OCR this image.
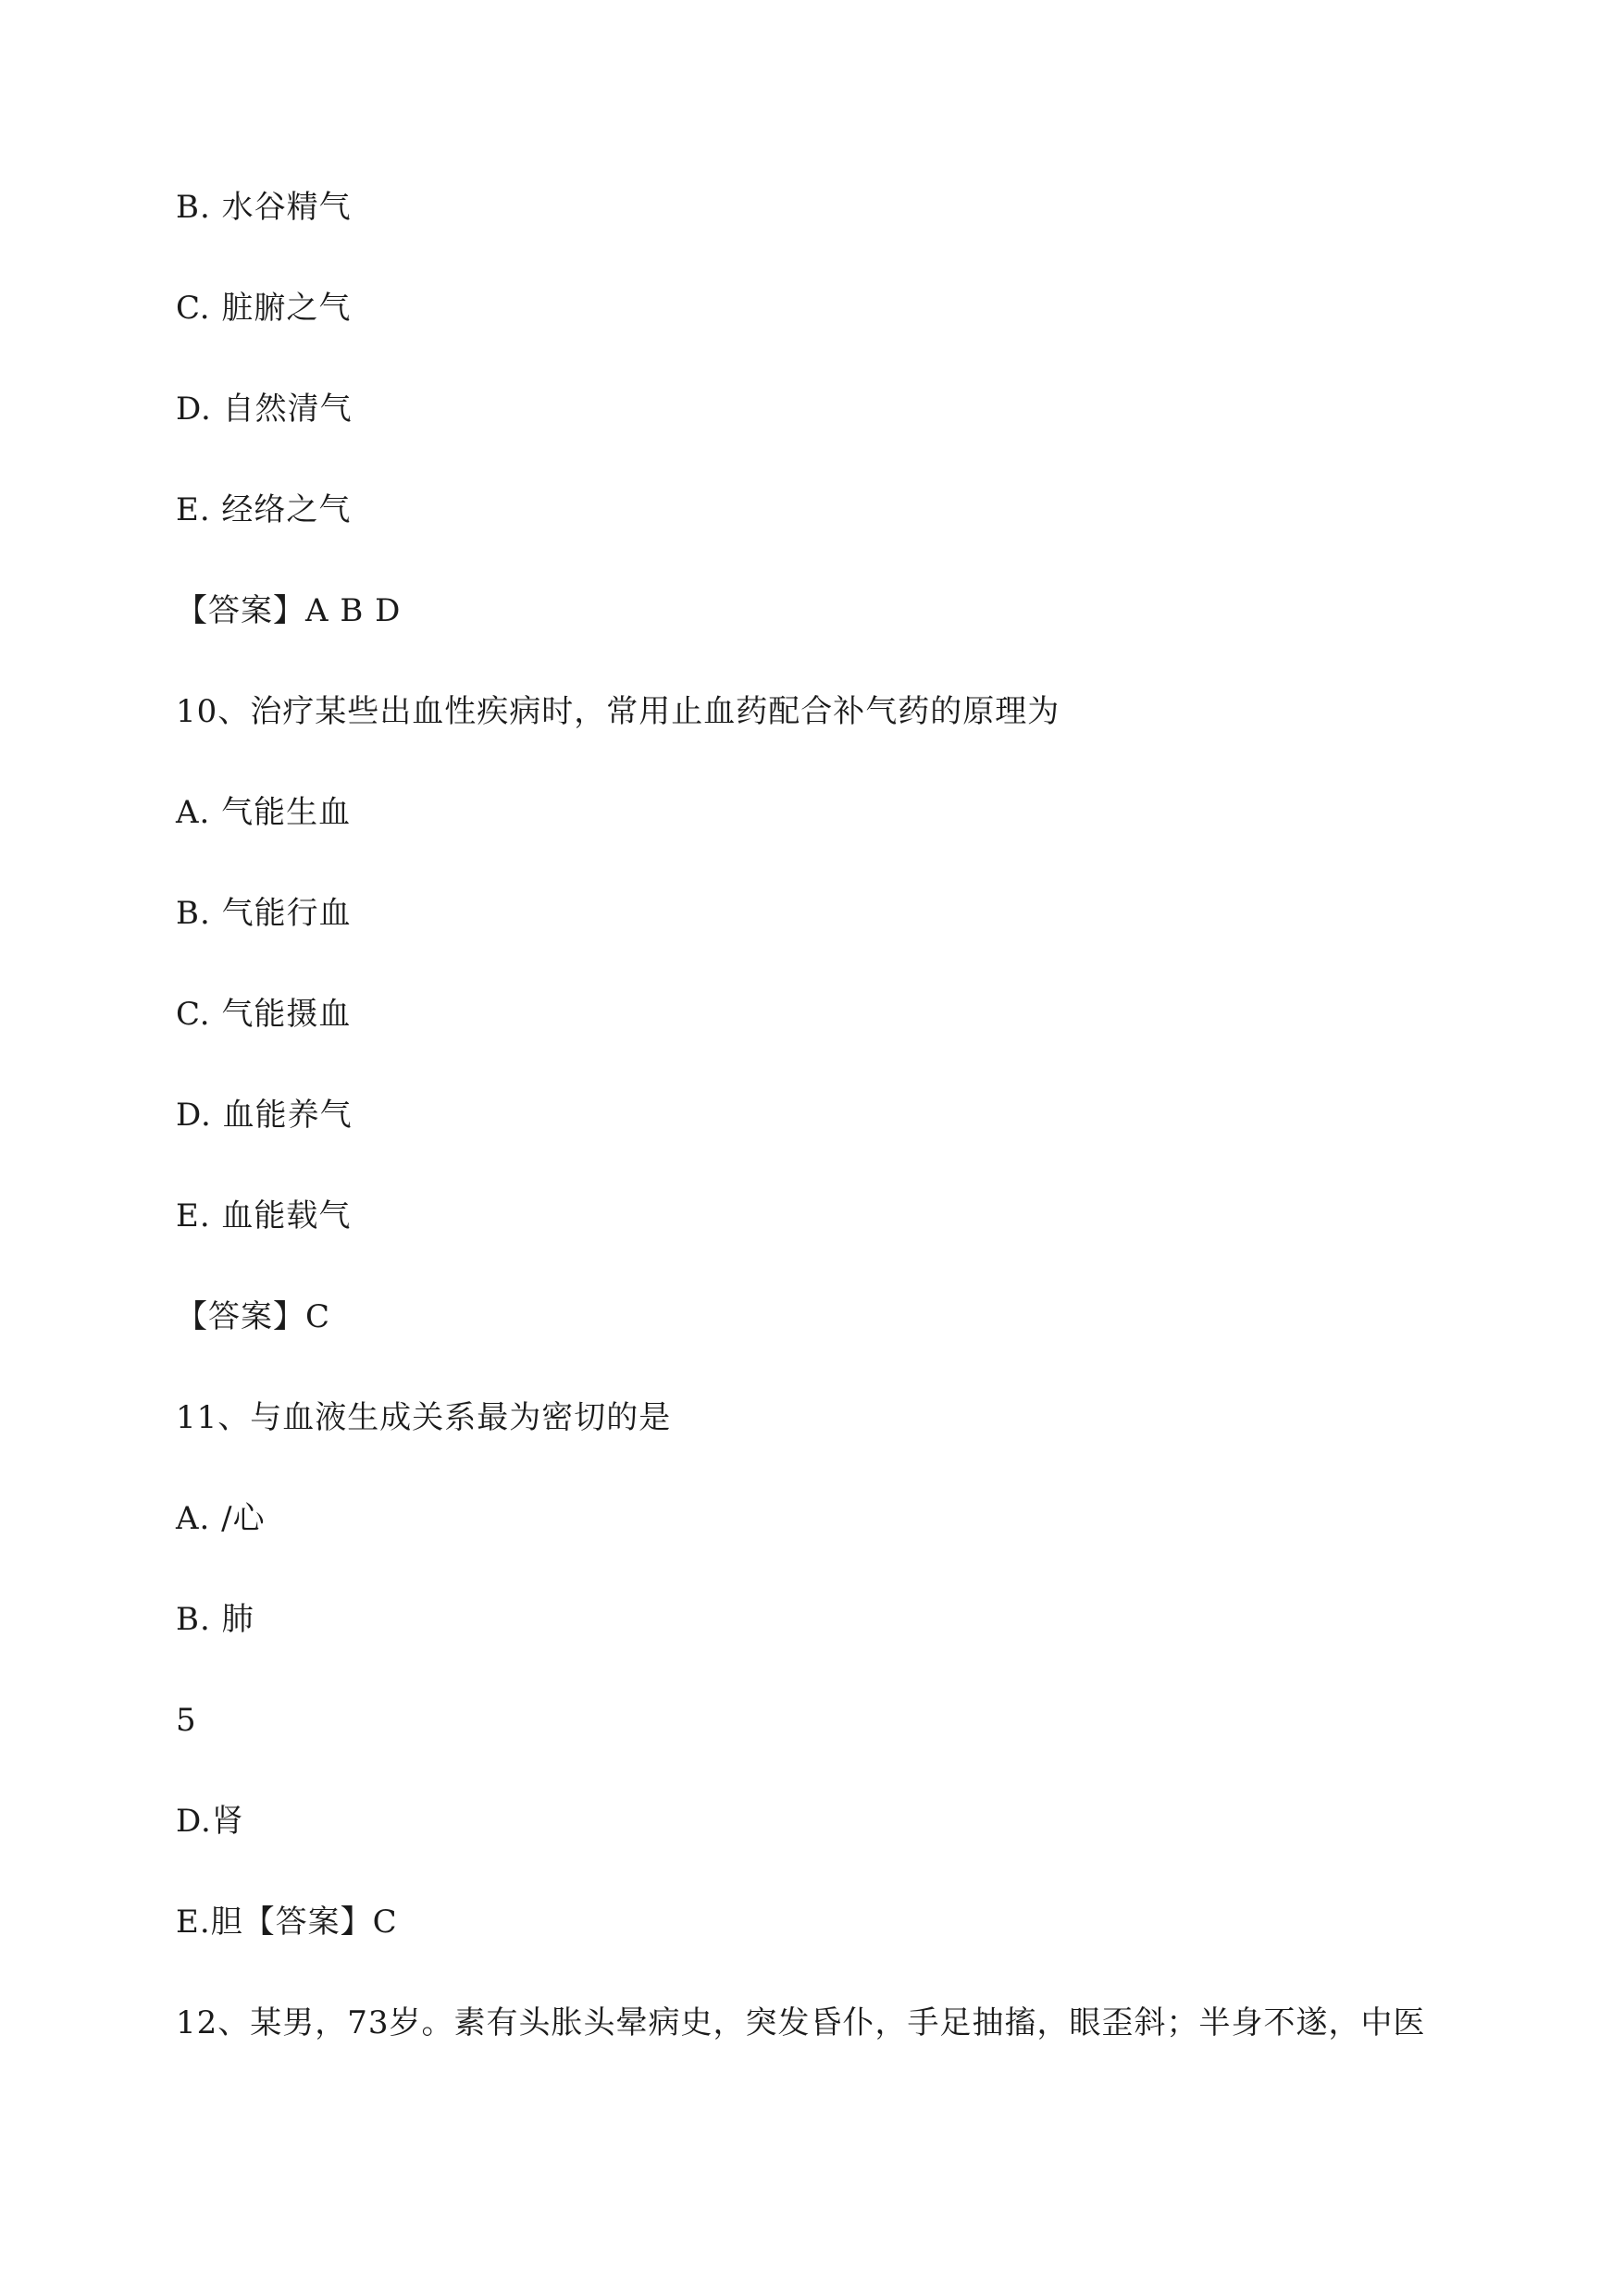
B. 水谷精气
C. 脏腑之气
D. 自然清气
E. 经络之气
【答案】A B D
10、治疗某些出血性疾病时，常用止血药配合补气药的原理为
A. 气能生血
B. 气能行血
C. 气能摄血
D. 血能养气
E. 血能载气
【答案】C
11、与血液生成关系最为密切的是
A. /心
B. 肺
5
D.肾
E.胆【答案】C
12、某男，73岁。素有头胀头晕病史，突发昏仆，手足抽搐，眼歪斜；半身不遂，中医
